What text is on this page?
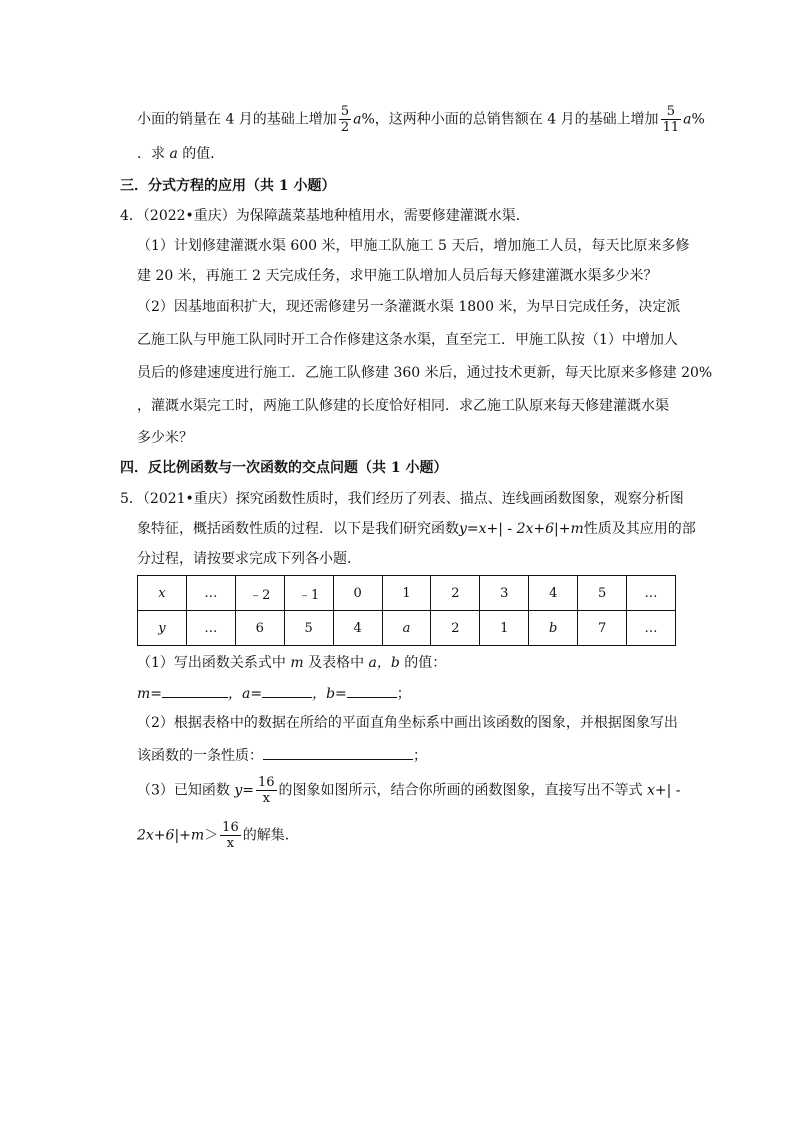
小面的销量在 4 月的基础上增加 $\frac{5}{2} a\%$，这两种小面的总销售额在 4 月的基础上增加 $\frac{5}{11} a\%$
．求 a 的值．
三．分式方程的应用（共 1 小题）
4．（2022•重庆）为保障蔬菜基地种植用水，需要修建灌溉水渠．
（1）计划修建灌溉水渠 600 米，甲施工队施工 5 天后，增加施工人员，每天比原来多修
建 20 米，再施工 2 天完成任务，求甲施工队增加人员后每天修建灌溉水渠多少米？
（2）因基地面积扩大，现还需修建另一条灌溉水渠 1800 米，为早日完成任务，决定派
乙施工队与甲施工队同时开工合作修建这条水渠，直至完工．甲施工队按（1）中增加人
员后的修建速度进行施工．乙施工队修建 360 米后，通过技术更新，每天比原来多修建 20%
，灌溉水渠完工时，两施工队修建的长度恰好相同．求乙施工队原来每天修建灌溉水渠
多少米？
四．反比例函数与一次函数的交点问题（共 1 小题）
5．（2021•重庆）探究函数性质时，我们经历了列表、描点、连线画函数图象，观察分析图
象特征，概括函数性质的过程．以下是我们研究函数y=x+| - 2x+6|+m性质及其应用的部
分过程，请按要求完成下列各小题．
x	…	﹣2	﹣1	0	1	2	3	4	5	…
y	…	6	5	4	a	2	1	b	7	…
（1）写出函数关系式中 m 及表格中 a，b 的值：
m=	，a=	，b=	；
（2）根据表格中的数据在所给的平面直角坐标系中画出该函数的图象，并根据图象写出
该函数的一条性质：	；
（3）已知函数 $y= \frac{16}{x}$ 的图象如图所示，结合你所画的函数图象，直接写出不等式 x+| -
$2x+6|+m> \frac{16}{x}$ 的解集．
